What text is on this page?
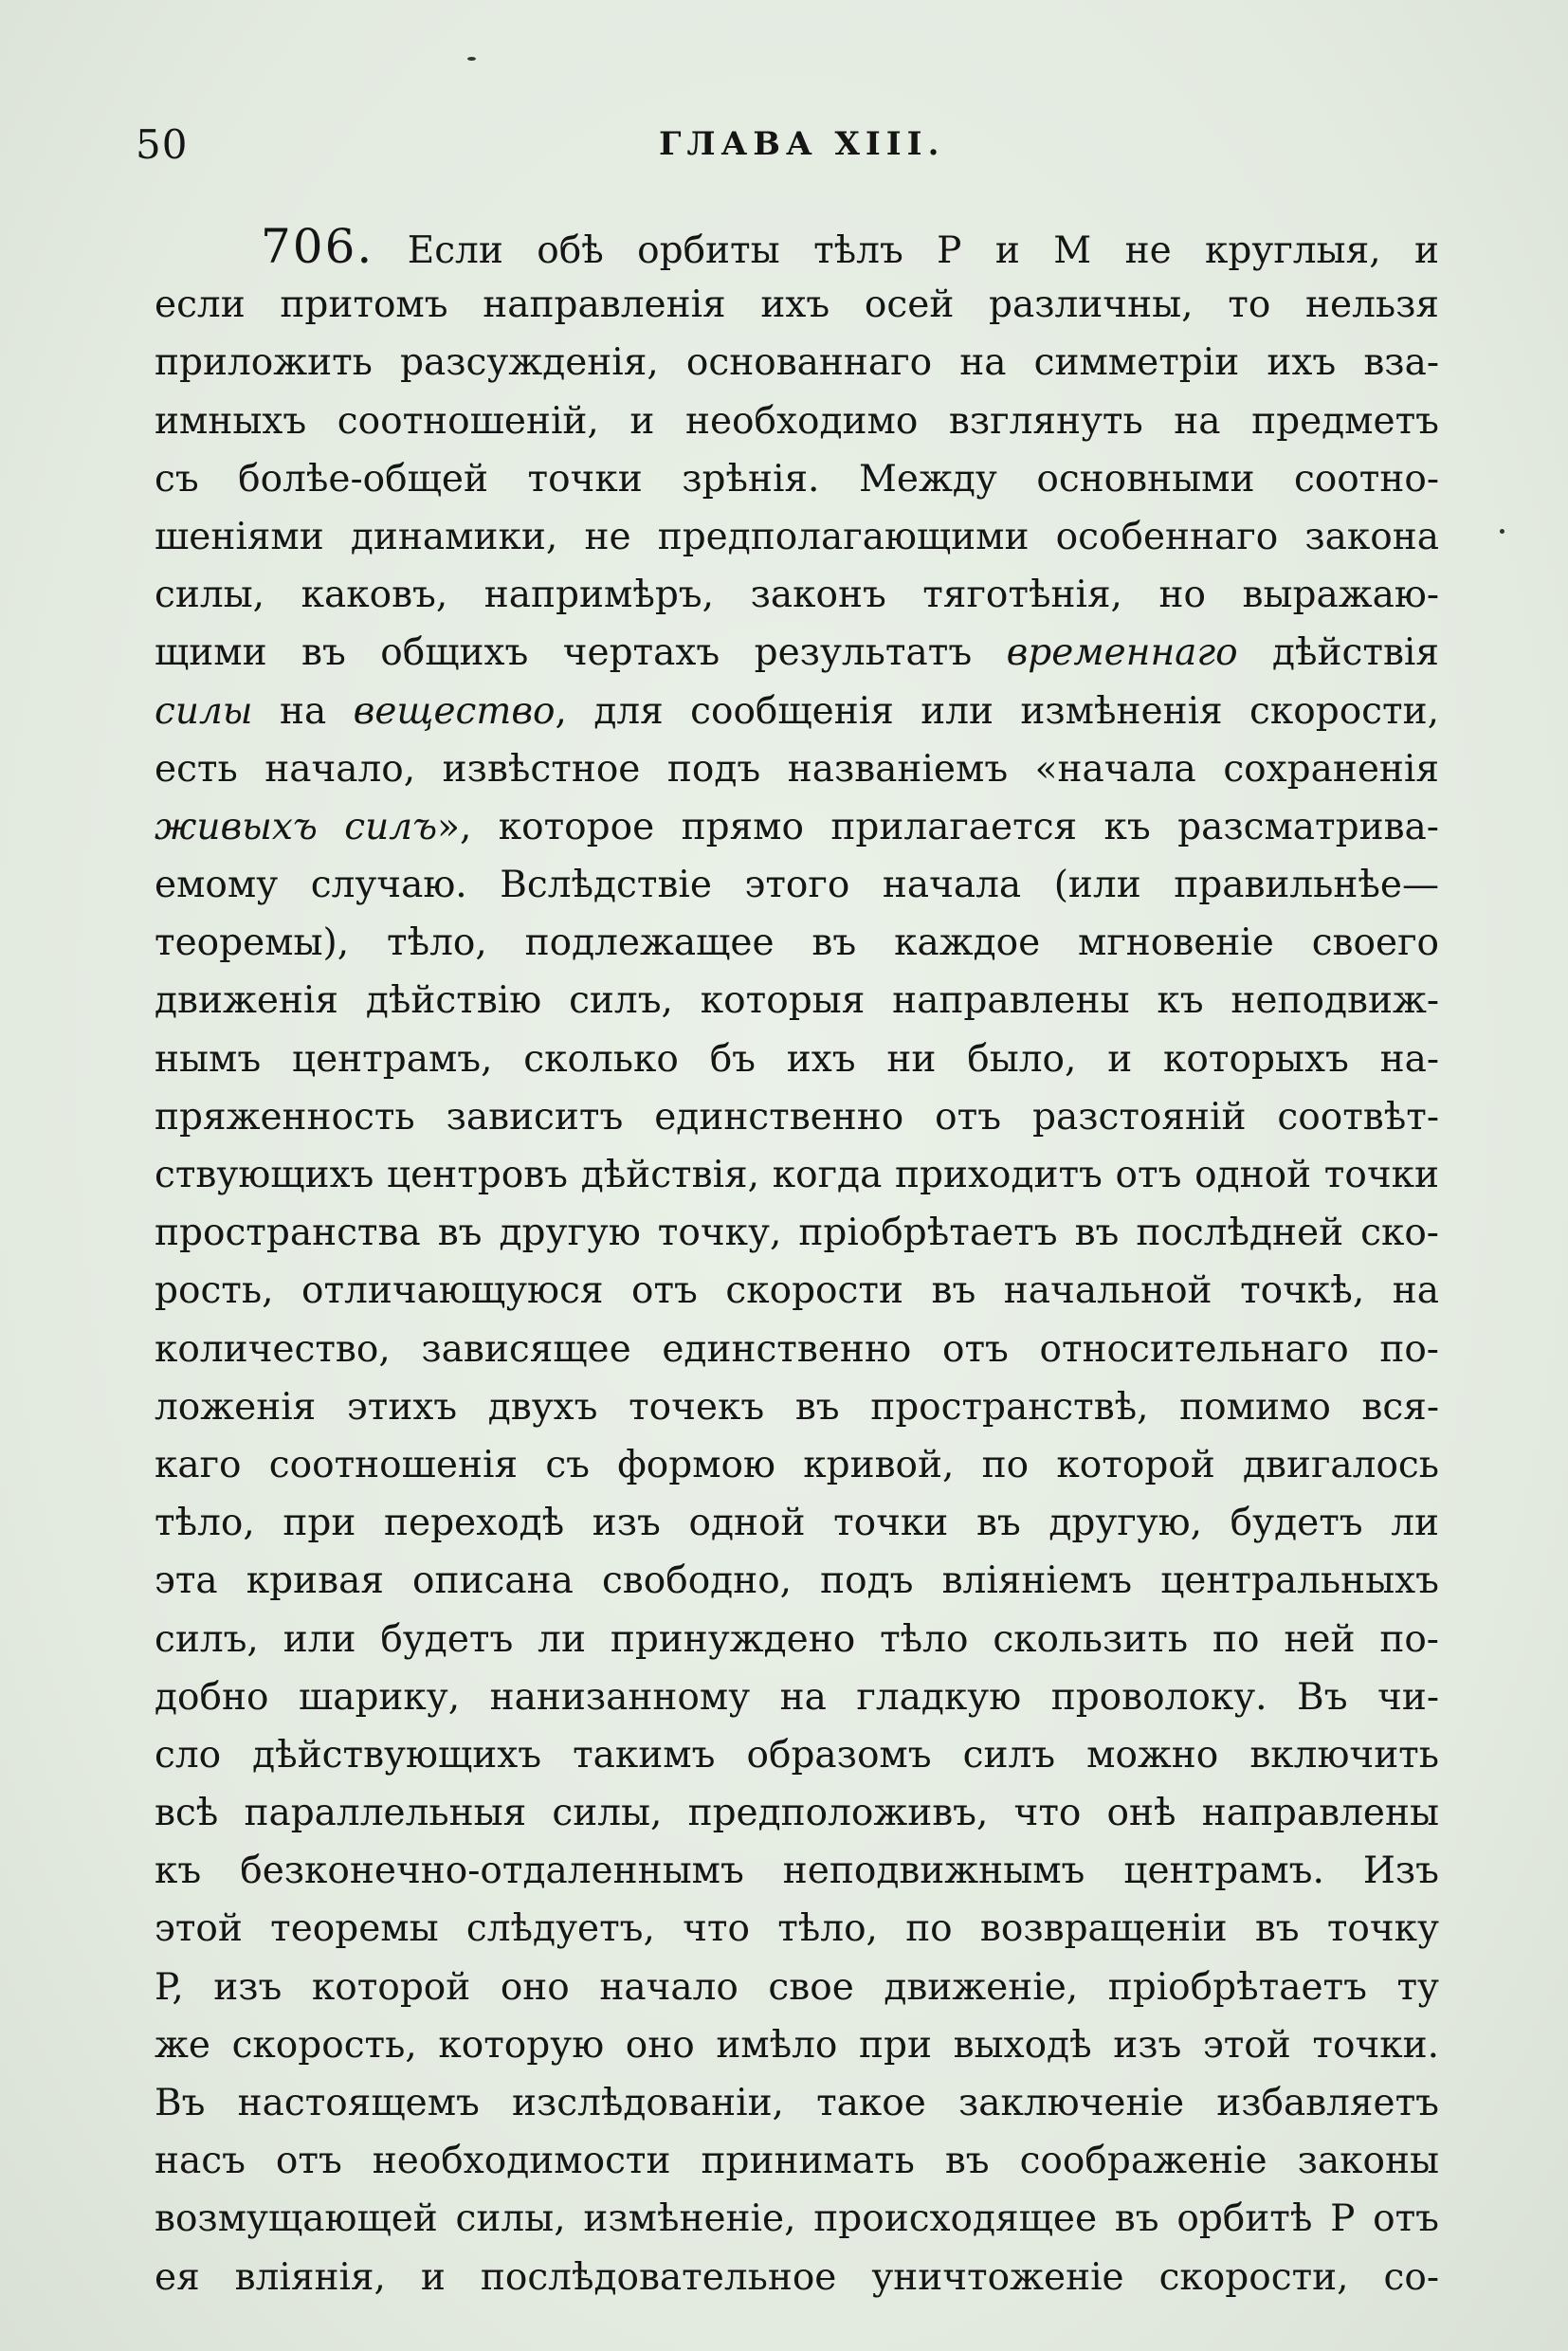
50	ГЛАВА XIII.
706. Если обѣ орбиты тѣлъ P и M не круглыя, и
если притомъ направленія ихъ осей различны, то нельзя
приложить разсужденія, основаннаго на симметріи ихъ вза-
имныхъ соотношеній, и необходимо взглянуть на предметъ
съ болѣе-общей точки зрѣнія. Между основными соотно-
шеніями динамики, не предполагающими особеннаго закона
силы, каковъ, напримѣръ, законъ тяготѣнія, но выражаю-
щими въ общихъ чертахъ результатъ временнаго дѣйствія
силы на вещество, для сообщенія или измѣненія скорости,
есть начало, извѣстное подъ названіемъ «начала сохраненія
живыхъ силъ», которое прямо прилагается къ разсматрива-
емому случаю. Вслѣдствіе этого начала (или правильнѣе—
теоремы), тѣло, подлежащее въ каждое мгновеніе своего
движенія дѣйствію силъ, которыя направлены къ неподвиж-
нымъ центрамъ, сколько бъ ихъ ни было, и которыхъ на-
пряженность зависитъ единственно отъ разстояній соотвѣт-
ствующихъ центровъ дѣйствія, когда приходитъ отъ одной точки
пространства въ другую точку, пріобрѣтаетъ въ послѣдней ско-
рость, отличающуюся отъ скорости въ начальной точкѣ, на
количество, зависящее единственно отъ относительнаго по-
ложенія этихъ двухъ точекъ въ пространствѣ, помимо вся-
каго соотношенія съ формою кривой, по которой двигалось
тѣло, при переходѣ изъ одной точки въ другую, будетъ ли
эта кривая описана свободно, подъ вліяніемъ центральныхъ
силъ, или будетъ ли принуждено тѣло скользить по ней по-
добно шарику, нанизанному на гладкую проволоку. Въ чи-
сло дѣйствующихъ такимъ образомъ силъ можно включить
всѣ параллельныя силы, предположивъ, что онѣ направлены
къ безконечно-отдаленнымъ неподвижнымъ центрамъ. Изъ
этой теоремы слѣдуетъ, что тѣло, по возвращеніи въ точку
P, изъ которой оно начало свое движеніе, пріобрѣтаетъ ту
же скорость, которую оно имѣло при выходѣ изъ этой точки.
Въ настоящемъ изслѣдованіи, такое заключеніе избавляетъ
насъ отъ необходимости принимать въ соображеніе законы
возмущающей силы, измѣненіе, происходящее въ орбитѣ P отъ
ея вліянія, и послѣдовательное уничтоженіе скорости, со-
